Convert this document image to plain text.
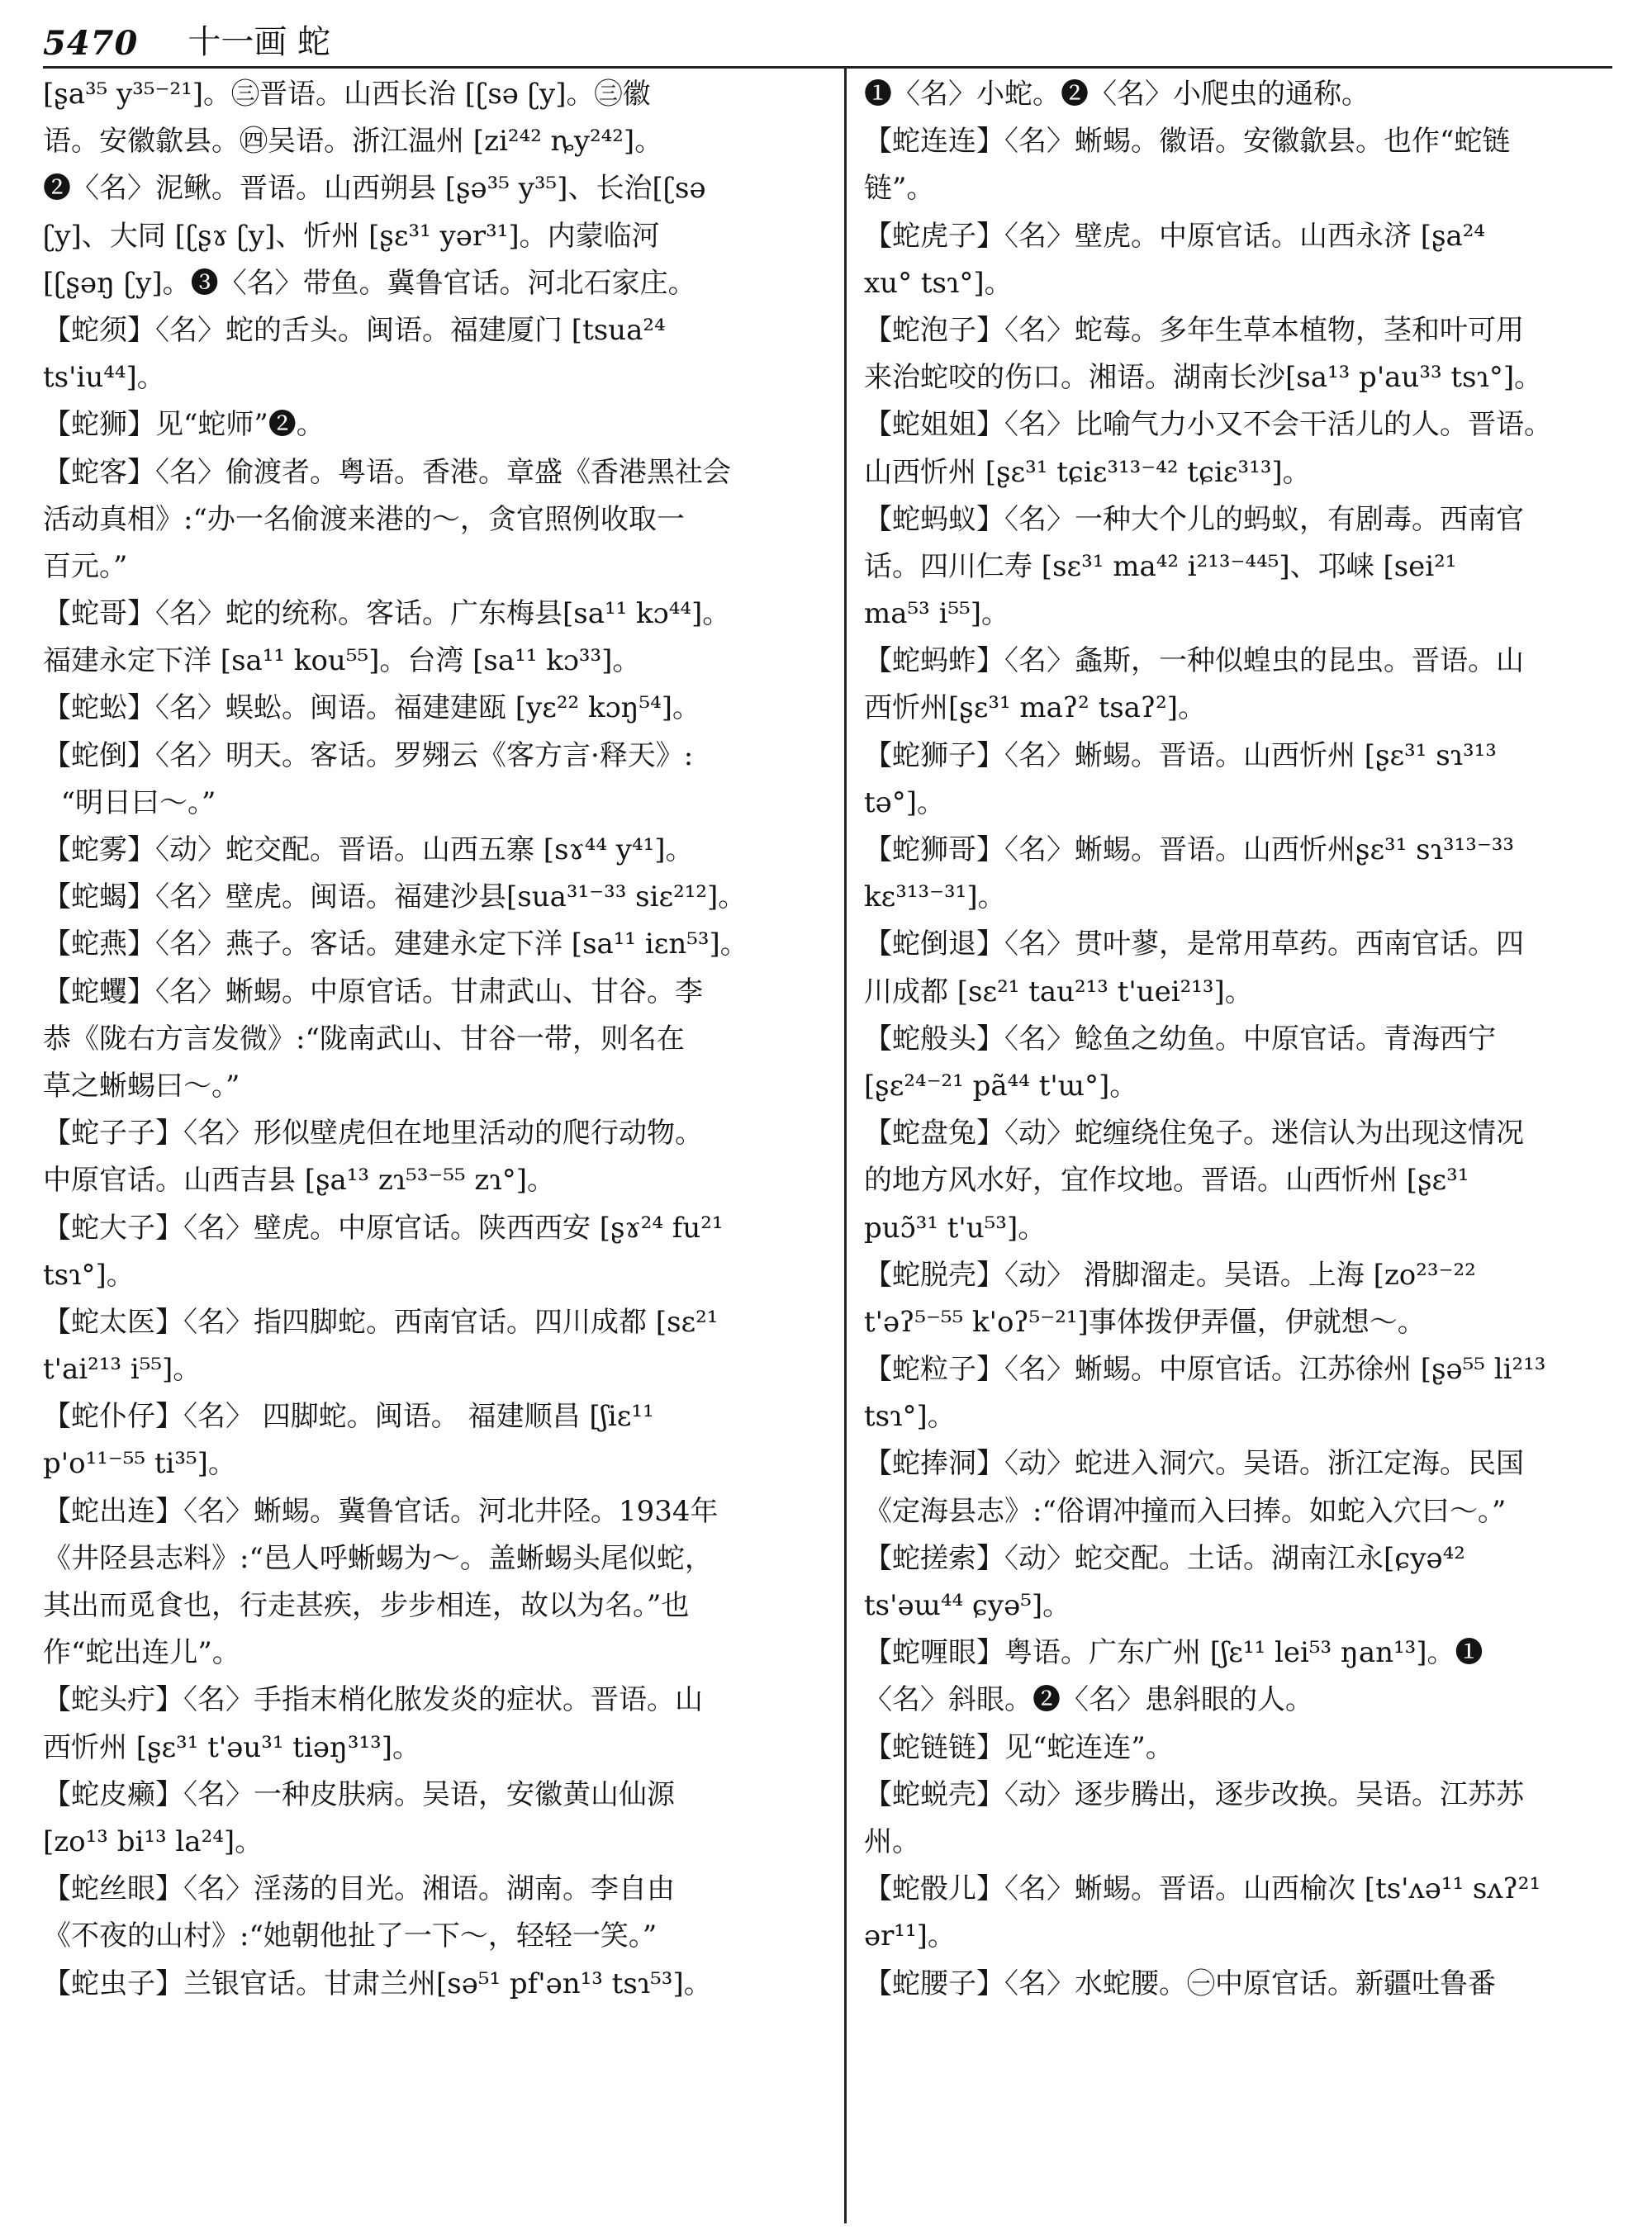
5470 十一画 蛇
[ʂa³⁵ y³⁵⁻²¹]。㊂晋语。山西长治 [ʗsə ʗy]。㊂徽
语。安徽歙县。㊃吴语。浙江温州 [zi²⁴² ȵy²⁴²]。
❷〈名〉泥鳅。晋语。山西朔县 [ʂə³⁵ y³⁵]、长治[ʗsə
ʗy]、大同 [ʗʂɤ ʗy]、忻州 [ʂɛ³¹ yər³¹]。内蒙临河
[ʗʂəŋ ʗy]。❸〈名〉带鱼。冀鲁官话。河北石家庄。
【蛇须】〈名〉蛇的舌头。闽语。福建厦门 [tsua²⁴
ts'iu⁴⁴]。
【蛇狮】见“蛇师”❷。
【蛇客】〈名〉偷渡者。粤语。香港。章盛《香港黑社会
活动真相》:“办一名偷渡来港的～，贪官照例收取一
百元。”
【蛇哥】〈名〉蛇的统称。客话。广东梅县[sa¹¹ kɔ⁴⁴]。
福建永定下洋 [sa¹¹ kou⁵⁵]。台湾 [sa¹¹ kɔ³³]。
【蛇蚣】〈名〉蜈蚣。闽语。福建建瓯 [yɛ²² kɔŋ⁵⁴]。
【蛇倒】〈名〉明天。客话。罗翙云《客方言·释天》:
“明日曰～。”
【蛇雾】〈动〉蛇交配。晋语。山西五寨 [sɤ⁴⁴ y⁴¹]。
【蛇蝎】〈名〉壁虎。闽语。福建沙县[sua³¹⁻³³ siɛ²¹²]。
【蛇燕】〈名〉燕子。客话。建建永定下洋 [sa¹¹ iɛn⁵³]。
【蛇蠼】〈名〉蜥蜴。中原官话。甘肃武山、甘谷。李
恭《陇右方言发微》:“陇南武山、甘谷一带，则名在
草之蜥蜴曰～。”
【蛇子子】〈名〉形似壁虎但在地里活动的爬行动物。
中原官话。山西吉县 [ʂa¹³ zɿ⁵³⁻⁵⁵ zɿ°]。
【蛇大子】〈名〉壁虎。中原官话。陕西西安 [ʂɤ²⁴ fu²¹
tsɿ°]。
【蛇太医】〈名〉指四脚蛇。西南官话。四川成都 [sɛ²¹
t'ai²¹³ i⁵⁵]。
【蛇仆仔】〈名〉 四脚蛇。闽语。 福建顺昌 [ʃiɛ¹¹
p'o¹¹⁻⁵⁵ ti³⁵]。
【蛇出连】〈名〉蜥蜴。冀鲁官话。河北井陉。1934年
《井陉县志料》:“邑人呼蜥蜴为～。盖蜥蜴头尾似蛇，
其出而觅食也，行走甚疾，步步相连，故以为名。”也
作“蛇出连儿”。
【蛇头疔】〈名〉手指末梢化脓发炎的症状。晋语。山
西忻州 [ʂɛ³¹ t'əu³¹ tiəŋ³¹³]。
【蛇皮癞】〈名〉一种皮肤病。吴语，安徽黄山仙源
[zo¹³ bi¹³ la²⁴]。
【蛇丝眼】〈名〉淫荡的目光。湘语。湖南。李自由
《不夜的山村》:“她朝他扯了一下～，轻轻一笑。”
【蛇虫子】兰银官话。甘肃兰州[sə⁵¹ pf'ən¹³ tsɿ⁵³]。
❶〈名〉小蛇。❷〈名〉小爬虫的通称。
【蛇连连】〈名〉蜥蜴。徽语。安徽歙县。也作“蛇链
链”。
【蛇虎子】〈名〉壁虎。中原官话。山西永济 [ʂa²⁴
xu° tsɿ°]。
【蛇泡子】〈名〉蛇莓。多年生草本植物，茎和叶可用
来治蛇咬的伤口。湘语。湖南长沙[sa¹³ p'au³³ tsɿ°]。
【蛇姐姐】〈名〉比喻气力小又不会干活儿的人。晋语。
山西忻州 [ʂɛ³¹ tɕiɛ³¹³⁻⁴² tɕiɛ³¹³]。
【蛇蚂蚁】〈名〉一种大个儿的蚂蚁，有剧毒。西南官
话。四川仁寿 [sɛ³¹ ma⁴² i²¹³⁻⁴⁴⁵]、邛崃 [sei²¹
ma⁵³ i⁵⁵]。
【蛇蚂蚱】〈名〉螽斯，一种似蝗虫的昆虫。晋语。山
西忻州[ʂɛ³¹ maʔ² tsaʔ²]。
【蛇狮子】〈名〉蜥蜴。晋语。山西忻州 [ʂɛ³¹ sɿ³¹³
tə°]。
【蛇狮哥】〈名〉蜥蜴。晋语。山西忻州ʂɛ³¹ sɿ³¹³⁻³³
kɛ³¹³⁻³¹]。
【蛇倒退】〈名〉贯叶蓼，是常用草药。西南官话。四
川成都 [sɛ²¹ tau²¹³ t'uei²¹³]。
【蛇般头】〈名〉鲶鱼之幼鱼。中原官话。青海西宁
[ʂɛ²⁴⁻²¹ pã⁴⁴ t'ɯ°]。
【蛇盘兔】〈动〉蛇缠绕住兔子。迷信认为出现这情况
的地方风水好，宜作坟地。晋语。山西忻州 [ʂɛ³¹
puɔ̃³¹ t'u⁵³]。
【蛇脱壳】〈动〉 滑脚溜走。吴语。上海 [zo²³⁻²²
t'əʔ⁵⁻⁵⁵ k'oʔ⁵⁻²¹]事体拨伊弄僵，伊就想～。
【蛇粒子】〈名〉蜥蜴。中原官话。江苏徐州 [ʂə⁵⁵ li²¹³
tsɿ°]。
【蛇捧洞】〈动〉蛇进入洞穴。吴语。浙江定海。民国
《定海县志》:“俗谓冲撞而入曰捧。如蛇入穴曰～。”
【蛇搓索】〈动〉蛇交配。土话。湖南江永[ɕyə⁴²
ts'əɯ⁴⁴ ɕyə⁵]。
【蛇喱眼】粤语。广东广州 [ʃɛ¹¹ lei⁵³ ŋan¹³]。❶
〈名〉斜眼。❷〈名〉患斜眼的人。
【蛇链链】见“蛇连连”。
【蛇蜕壳】〈动〉逐步腾出，逐步改换。吴语。江苏苏
州。
【蛇骰儿】〈名〉蜥蜴。晋语。山西榆次 [ts'ʌə¹¹ sʌʔ²¹
ər¹¹]。
【蛇腰子】〈名〉水蛇腰。㊀中原官话。新疆吐鲁番
